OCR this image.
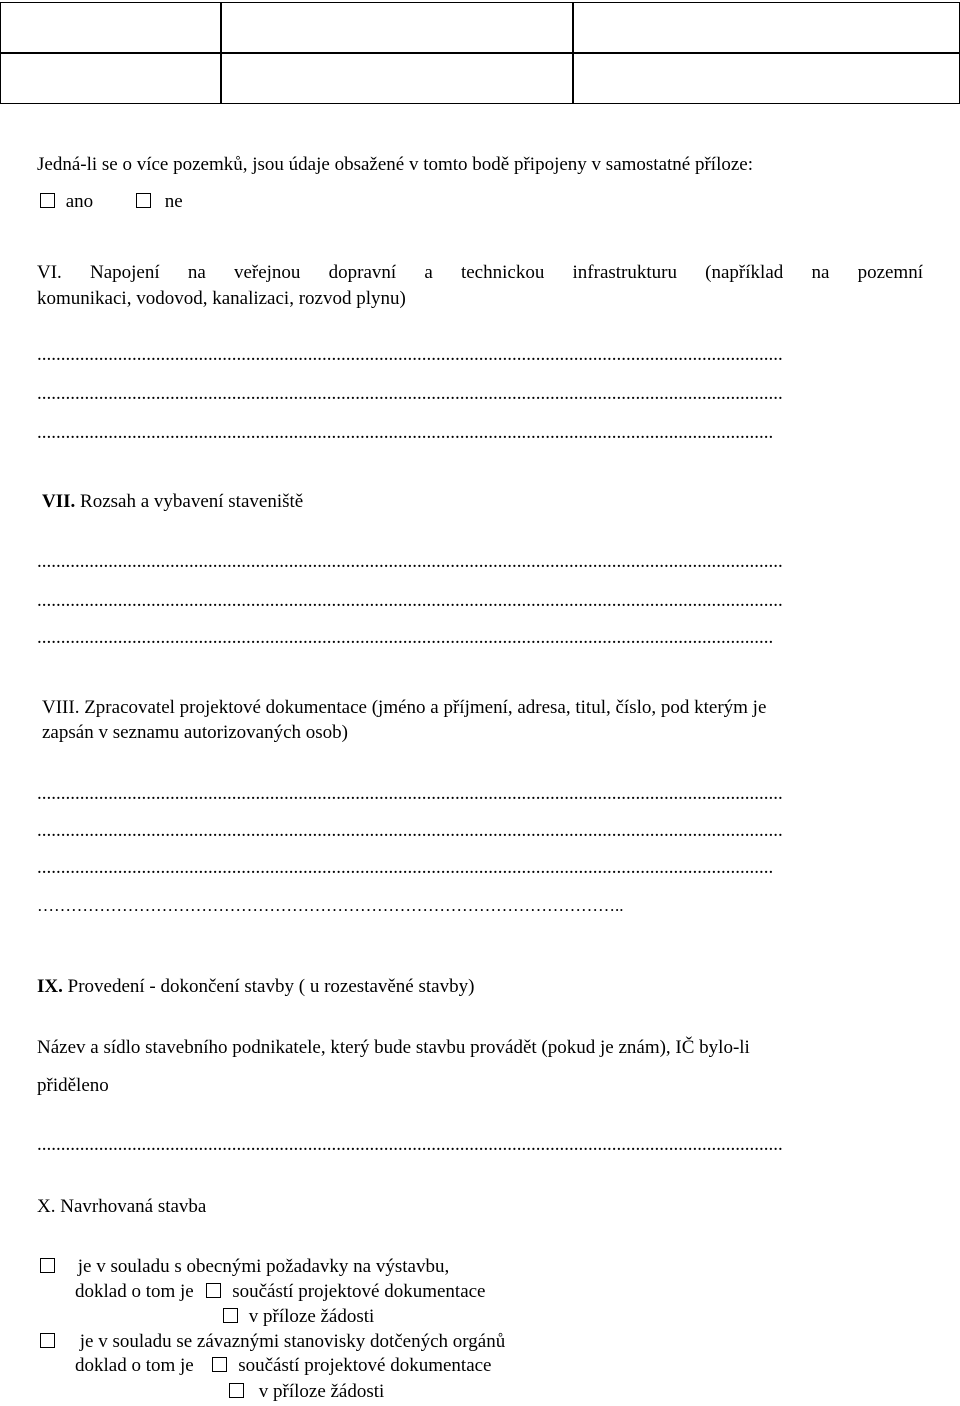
Jedná-li se o více pozemků, jsou údaje obsažené v tomto bodě připojeny v samostatné příloze:
ano	ne
VI. Napojení na veřejnou dopravní a technickou infrastrukturu (například na pozemní
komunikaci, vodovod, kanalizaci, rozvod plynu)
.............................................................................................................................................................
.............................................................................................................................................................
...........................................................................................................................................................
VII. Rozsah a vybavení staveniště
.............................................................................................................................................................
.............................................................................................................................................................
...........................................................................................................................................................
VIII. Zpracovatel projektové dokumentace (jméno a příjmení, adresa, titul, číslo, pod kterým je
zapsán v seznamu autorizovaných osob)
.............................................................................................................................................................
.............................................................................................................................................................
...........................................................................................................................................................
…………………………………………………………………………………………..
IX. Provedení - dokončení stavby ( u rozestavěné stavby)
Název a sídlo stavebního podnikatele, který bude stavbu provádět (pokud je znám), IČ bylo-li
přiděleno
.............................................................................................................................................................
X. Navrhovaná stavba
je v souladu s obecnými požadavky na výstavbu,
doklad o tom je součástí projektové dokumentace
v příloze žádosti
je v souladu se závaznými stanovisky dotčených orgánů
doklad o tom je součástí projektové dokumentace
v příloze žádosti
